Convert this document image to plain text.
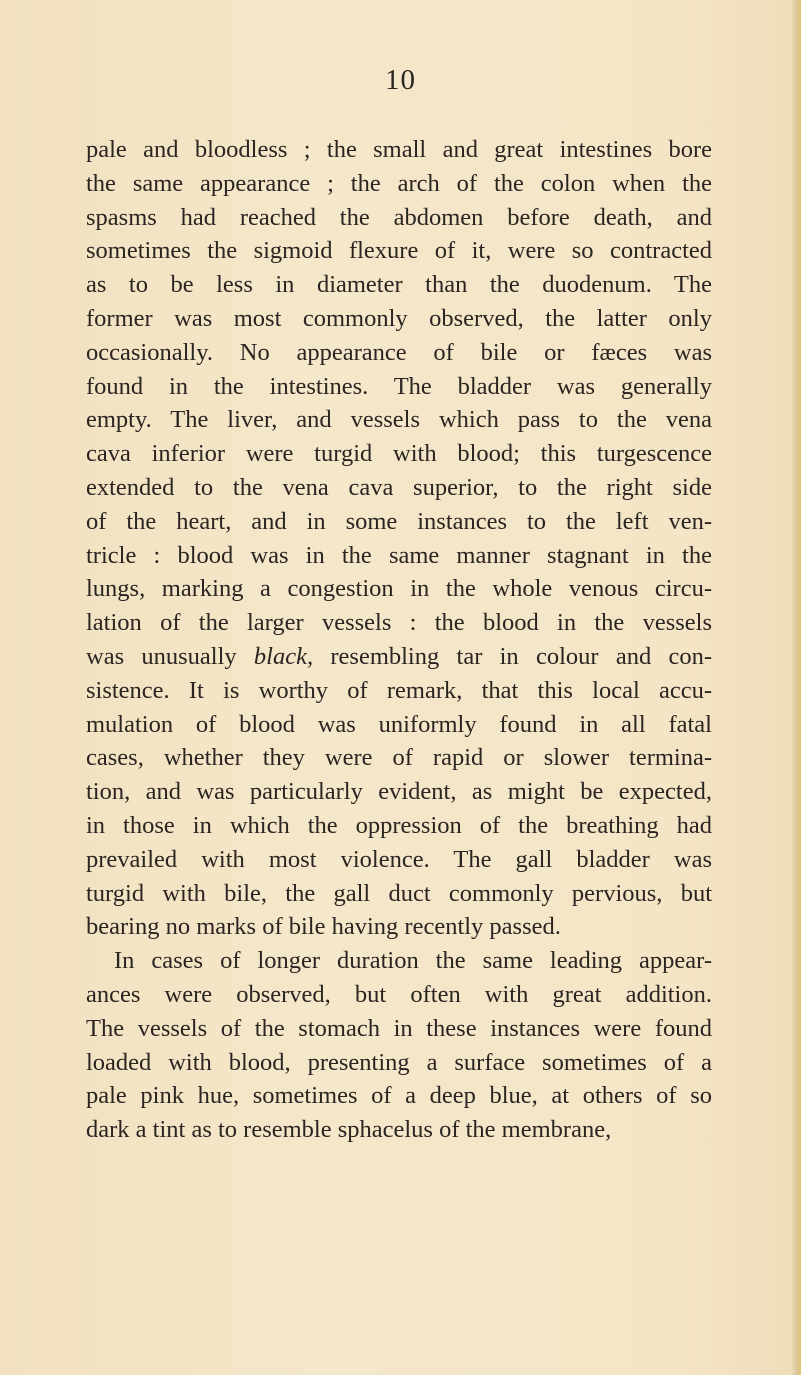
10
pale and bloodless ; the small and great intestines bore
the same appearance ; the arch of the colon when the
spasms had reached the abdomen before death, and
sometimes the sigmoid flexure of it, were so contracted
as to be less in diameter than the duodenum. The
former was most commonly observed, the latter only
occasionally. No appearance of bile or fæces was
found in the intestines. The bladder was generally
empty. The liver, and vessels which pass to the vena
cava inferior were turgid with blood; this turgescence
extended to the vena cava superior, to the right side
of the heart, and in some instances to the left ven-
tricle : blood was in the same manner stagnant in the
lungs, marking a congestion in the whole venous circu-
lation of the larger vessels : the blood in the vessels
was unusually black, resembling tar in colour and con-
sistence. It is worthy of remark, that this local accu-
mulation of blood was uniformly found in all fatal
cases, whether they were of rapid or slower termina-
tion, and was particularly evident, as might be expected,
in those in which the oppression of the breathing had
prevailed with most violence. The gall bladder was
turgid with bile, the gall duct commonly pervious, but
bearing no marks of bile having recently passed.
In cases of longer duration the same leading appear-
ances were observed, but often with great addition.
The vessels of the stomach in these instances were found
loaded with blood, presenting a surface sometimes of a
pale pink hue, sometimes of a deep blue, at others of so
dark a tint as to resemble sphacelus of the membrane,
